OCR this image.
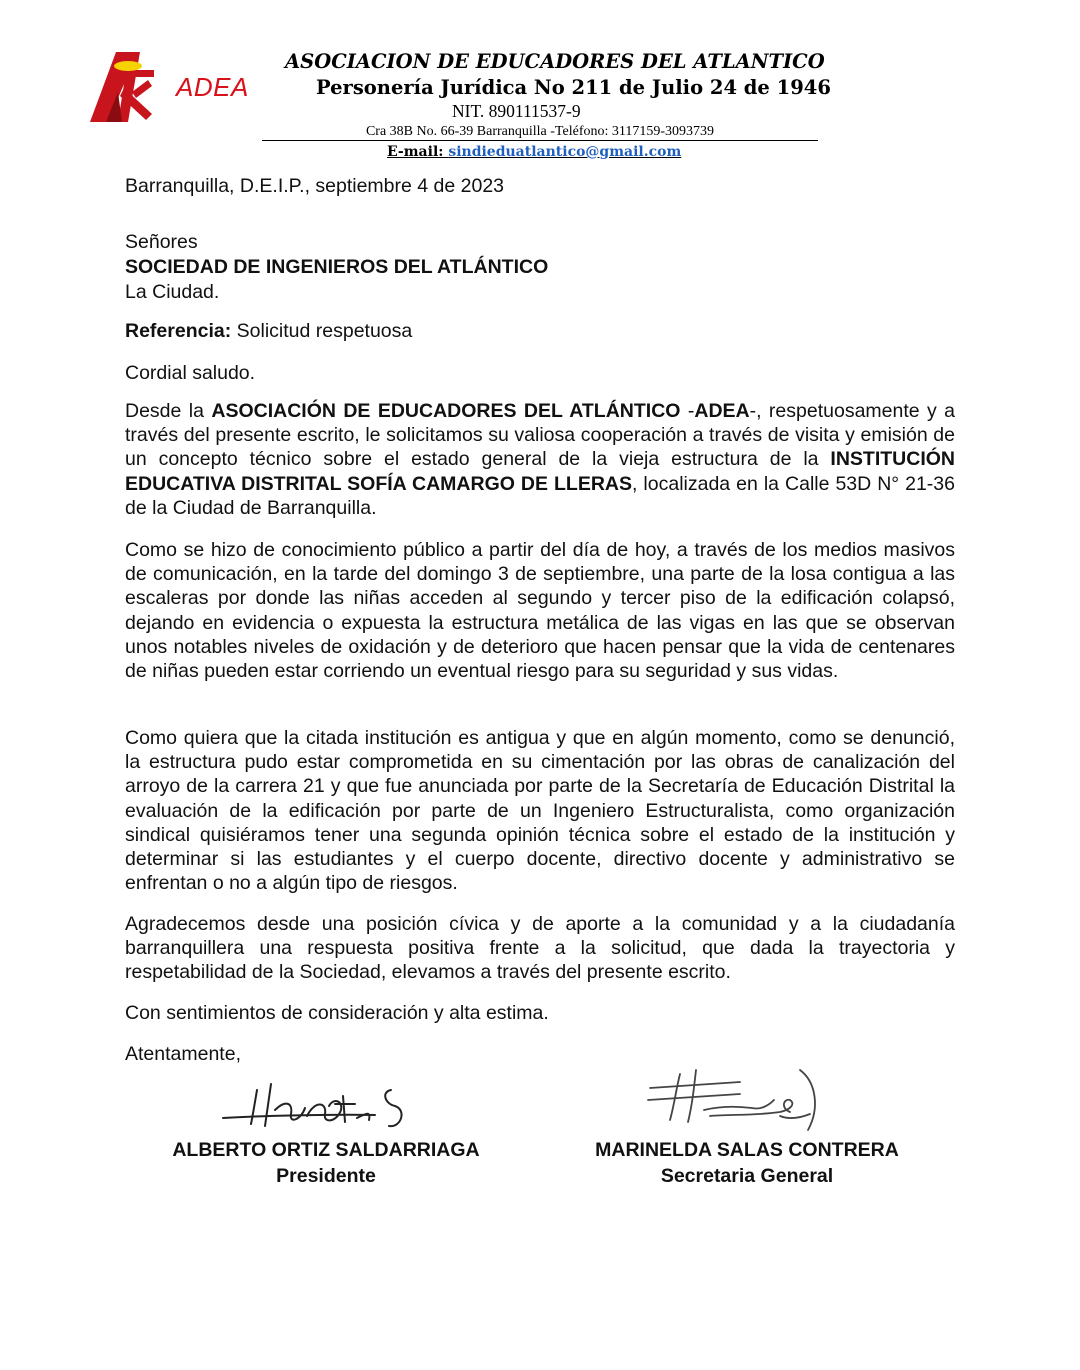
ADEA
ASOCIACION DE EDUCADORES DEL ATLANTICO
Personería Jurídica No 211 de Julio 24 de 1946
NIT. 890111537-9
Cra 38B No. 66-39 Barranquilla -Teléfono: 3117159-3093739
E-mail: sindieduatlantico@gmail.com
Barranquilla, D.E.I.P., septiembre 4 de 2023
Señores
SOCIEDAD DE INGENIEROS DEL ATLÁNTICO
La Ciudad.
Referencia: Solicitud respetuosa
Cordial saludo.
Desde la ASOCIACIÓN DE EDUCADORES DEL ATLÁNTICO -ADEA-, respetuosamente y a través del presente escrito, le solicitamos su valiosa cooperación a través de visita y emisión de un concepto técnico sobre el estado general de la vieja estructura de la INSTITUCIÓN EDUCATIVA DISTRITAL SOFÍA CAMARGO DE LLERAS, localizada en la Calle 53D N° 21-36 de la Ciudad de Barranquilla.
Como se hizo de conocimiento público a partir del día de hoy, a través de los medios masivos de comunicación, en la tarde del domingo 3 de septiembre, una parte de la losa contigua a las escaleras por donde las niñas acceden al segundo y tercer piso de la edificación colapsó, dejando en evidencia o expuesta la estructura metálica de las vigas en las que se observan unos notables niveles de oxidación y de deterioro que hacen pensar que la vida de centenares de niñas pueden estar corriendo un eventual riesgo para su seguridad y sus vidas.
Como quiera que la citada institución es antigua y que en algún momento, como se denunció, la estructura pudo estar comprometida en su cimentación por las obras de canalización del arroyo de la carrera 21 y que fue anunciada por parte de la Secretaría de Educación Distrital la evaluación de la edificación por parte de un Ingeniero Estructuralista, como organización sindical quisiéramos tener una segunda opinión técnica sobre el estado de la institución y determinar si las estudiantes y el cuerpo docente, directivo docente y administrativo se enfrentan o no a algún tipo de riesgos.
Agradecemos desde una posición cívica y de aporte a la comunidad y a la ciudadanía barranquillera una respuesta positiva frente a la solicitud, que dada la trayectoria y respetabilidad de la Sociedad, elevamos a través del presente escrito.
Con sentimientos de consideración y alta estima.
Atentamente,
ALBERTO ORTIZ SALDARRIAGA
Presidente
MARINELDA SALAS CONTRERA
Secretaria General
